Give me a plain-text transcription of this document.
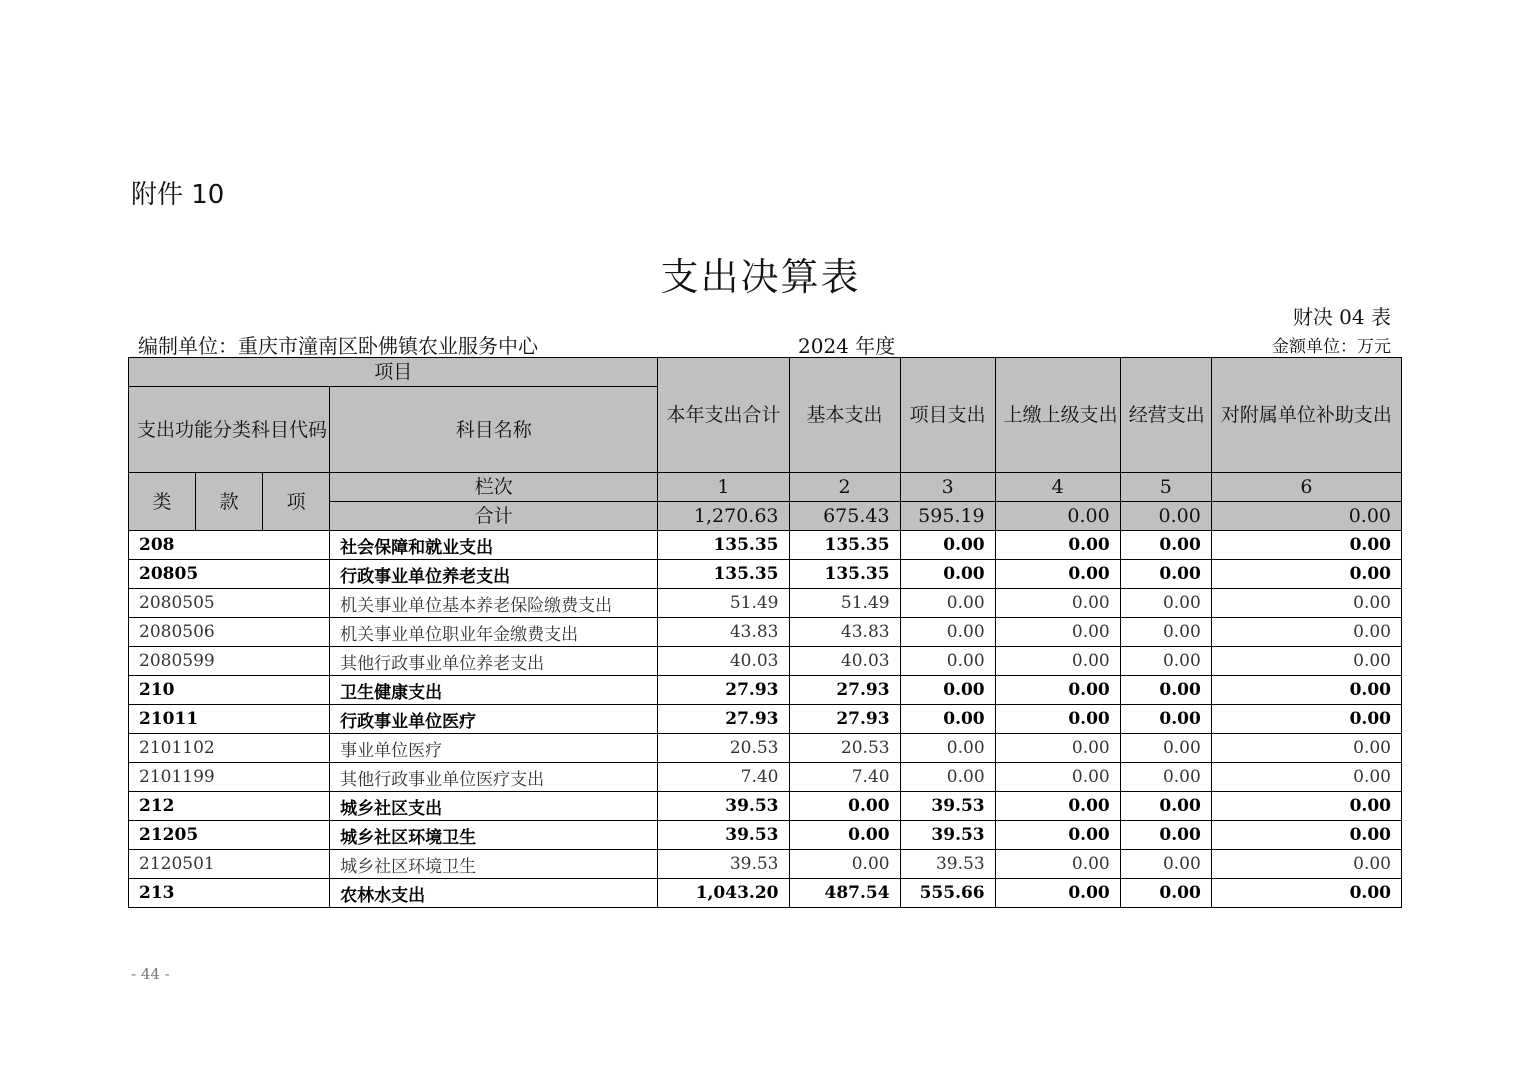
附件 10
支出决算表
财决 04 表
编制单位：重庆市潼南区卧佛镇农业服务中心	2024 年度	金额单位：万元
项目				本年支出合计	基本支出	项目支出	上缴上级支出	经营支出	对附属单位补助支出
支出功能分类科目代码			科目名称						
类	款	项	栏次	1	2	3	4	5	6
			合计	1,270.63	675.43	595.19	0.00	0.00	0.00
208			社会保障和就业支出	135.35	135.35	0.00	0.00	0.00	0.00
20805			行政事业单位养老支出	135.35	135.35	0.00	0.00	0.00	0.00
2080505			机关事业单位基本养老保险缴费支出	51.49	51.49	0.00	0.00	0.00	0.00
2080506			机关事业单位职业年金缴费支出	43.83	43.83	0.00	0.00	0.00	0.00
2080599			其他行政事业单位养老支出	40.03	40.03	0.00	0.00	0.00	0.00
210			卫生健康支出	27.93	27.93	0.00	0.00	0.00	0.00
21011			行政事业单位医疗	27.93	27.93	0.00	0.00	0.00	0.00
2101102			事业单位医疗	20.53	20.53	0.00	0.00	0.00	0.00
2101199			其他行政事业单位医疗支出	7.40	7.40	0.00	0.00	0.00	0.00
212			城乡社区支出	39.53	0.00	39.53	0.00	0.00	0.00
21205			城乡社区环境卫生	39.53	0.00	39.53	0.00	0.00	0.00
2120501			城乡社区环境卫生	39.53	0.00	39.53	0.00	0.00	0.00
213			农林水支出	1,043.20	487.54	555.66	0.00	0.00	0.00
- 44 -
